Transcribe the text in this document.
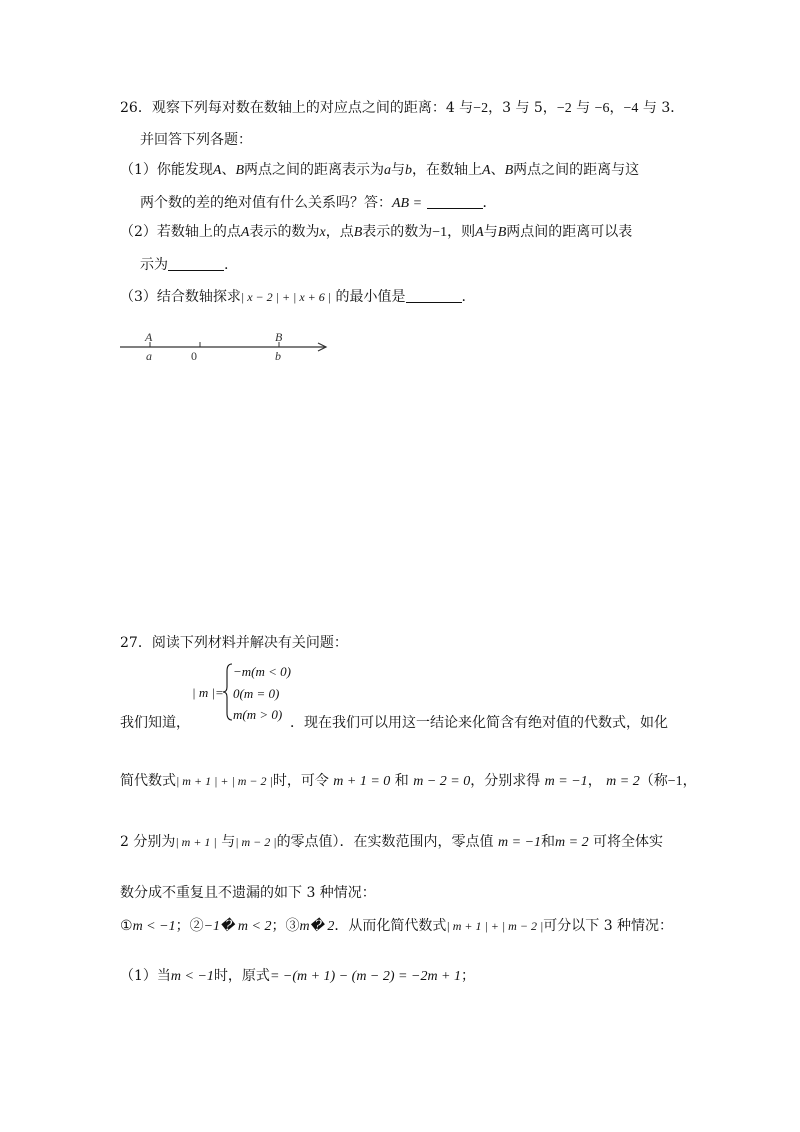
26．观察下列每对数在数轴上的对应点之间的距离：4 与−2，3 与 5，−2 与 −6，−4 与 3．
并回答下列各题：
（1）你能发现A、B两点之间的距离表示为a与b，在数轴上A、B两点之间的距离与这
两个数的差的绝对值有什么关系吗？答：AB =	．
（2）若数轴上的点A表示的数为x，点B表示的数为−1，则A与B两点间的距离可以表
示为	.
（3）结合数轴探求| x − 2 | + | x + 6 | 的最小值是	.
A	B
a	0	b
27．阅读下列材料并解决有关问题：
| m |=
−m(m < 0)
0(m = 0)
m(m > 0)
我们知道，	．现在我们可以用这一结论来化简含有绝对值的代数式，如化
简代数式| m + 1 | + | m − 2 |时，可令 m + 1 = 0 和 m − 2 = 0，分别求得 m = −1， m = 2（称−1，
2 分别为| m + 1 | 与| m − 2 |的零点值）．在实数范围内，零点值 m = −1和m = 2 可将全体实
数分成不重复且不遗漏的如下 3 种情况：
①m < −1；②−1� m < 2；③m� 2．从而化简代数式| m + 1 | + | m − 2 |可分以下 3 种情况：
（1）当m < −1时，原式= −(m + 1) − (m − 2) = −2m + 1；
